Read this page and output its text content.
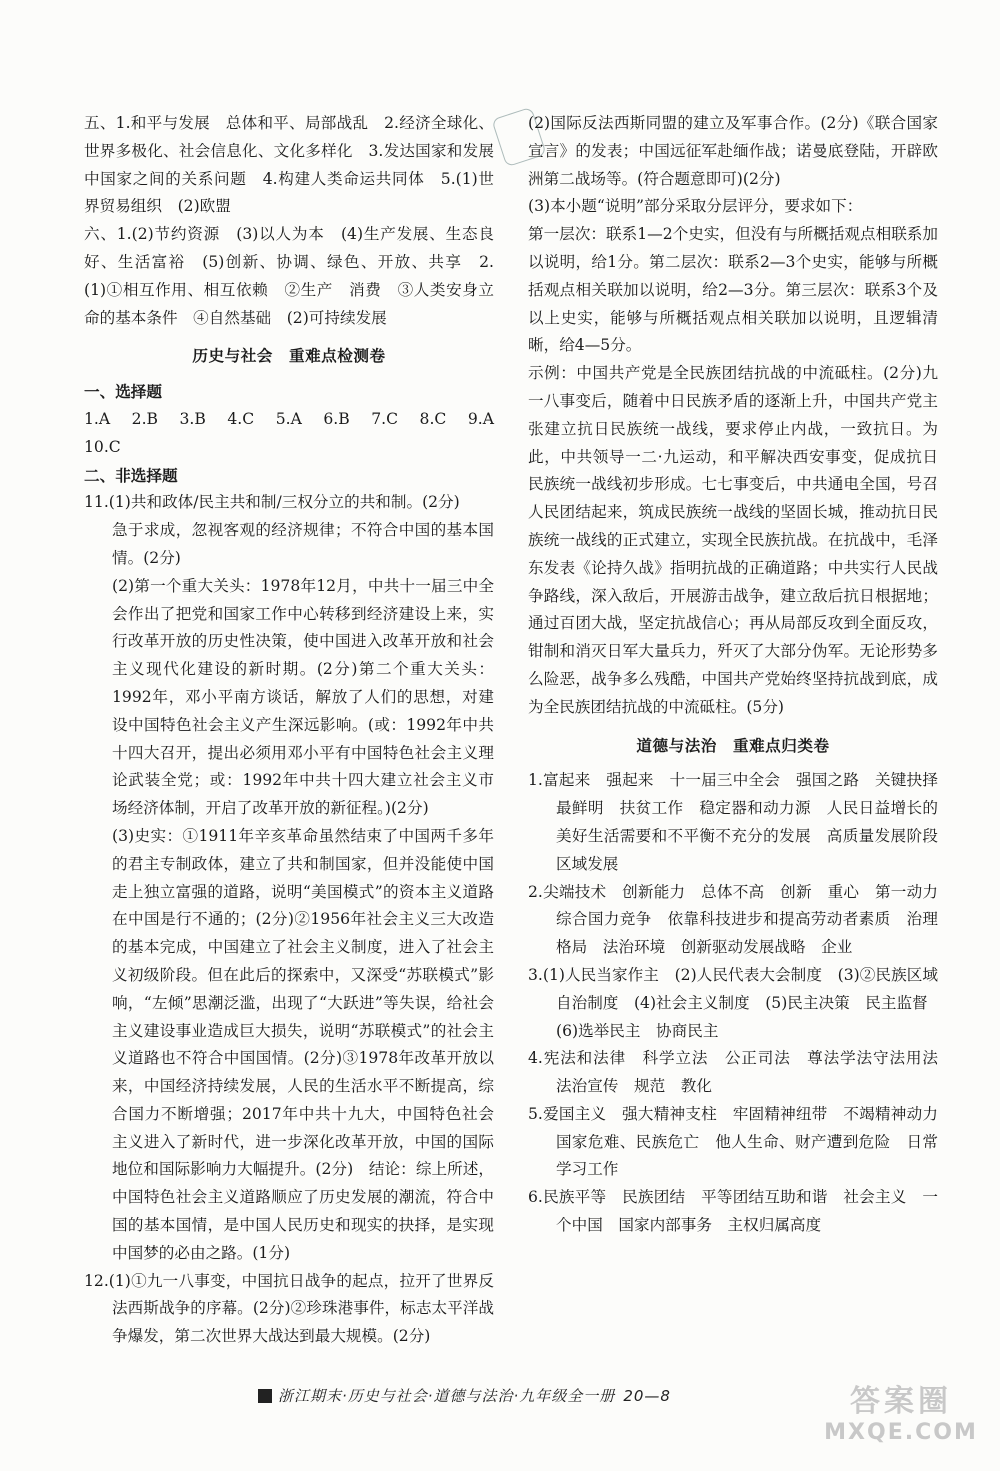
五、1.和平与发展　总体和平、局部战乱　2.经济全球化、世界多极化、社会信息化、文化多样化　3.发达国家和发展中国家之间的关系问题　4.构建人类命运共同体　5.(1)世界贸易组织　(2)欧盟

六、1.(2)节约资源　(3)以人为本　(4)生产发展、生态良好、生活富裕　(5)创新、协调、绿色、开放、共享　2.(1)①相互作用、相互依赖　②生产　消费　③人类安身立命的基本条件　④自然基础　(2)可持续发展

历史与社会　重难点检测卷

一、选择题

1.A　2.B　3.B　4.C　5.A　6.B　7.C　8.C　9.A　10.C

二、非选择题

11.(1)共和政体/民主共和制/三权分立的共和制。(2分)

急于求成，忽视客观的经济规律；不符合中国的基本国情。(2分)

(2)第一个重大关头：1978年12月，中共十一届三中全会作出了把党和国家工作中心转移到经济建设上来，实行改革开放的历史性决策，使中国进入改革开放和社会主义现代化建设的新时期。(2分)第二个重大关头：1992年，邓小平南方谈话，解放了人们的思想，对建设中国特色社会主义产生深远影响。(或：1992年中共十四大召开，提出必须用邓小平有中国特色社会主义理论武装全党；或：1992年中共十四大建立社会主义市场经济体制，开启了改革开放的新征程。)(2分)

(3)史实：①1911年辛亥革命虽然结束了中国两千多年的君主专制政体，建立了共和制国家，但并没能使中国走上独立富强的道路，说明“美国模式”的资本主义道路在中国是行不通的；(2分)②1956年社会主义三大改造的基本完成，中国建立了社会主义制度，进入了社会主义初级阶段。但在此后的探索中，又深受“苏联模式”影响，“左倾”思潮泛滥，出现了“大跃进”等失误，给社会主义建设事业造成巨大损失，说明“苏联模式”的社会主义道路也不符合中国国情。(2分)③1978年改革开放以来，中国经济持续发展，人民的生活水平不断提高，综合国力不断增强；2017年中共十九大，中国特色社会主义进入了新时代，进一步深化改革开放，中国的国际地位和国际影响力大幅提升。(2分)　结论：综上所述，中国特色社会主义道路顺应了历史发展的潮流，符合中国的基本国情，是中国人民历史和现实的抉择，是实现中国梦的必由之路。(1分)

12.(1)①九一八事变，中国抗日战争的起点，拉开了世界反法西斯战争的序幕。(2分)②珍珠港事件，标志太平洋战争爆发，第二次世界大战达到最大规模。(2分)

(2)国际反法西斯同盟的建立及军事合作。(2分)《联合国家宣言》的发表；中国远征军赴缅作战；诺曼底登陆，开辟欧洲第二战场等。(符合题意即可)(2分)

(3)本小题“说明”部分采取分层评分，要求如下：

第一层次：联系1—2个史实，但没有与所概括观点相联系加以说明，给1分。第二层次：联系2—3个史实，能够与所概括观点相关联加以说明，给2—3分。第三层次：联系3个及以上史实，能够与所概括观点相关联加以说明，且逻辑清晰，给4—5分。

示例：中国共产党是全民族团结抗战的中流砥柱。(2分)九一八事变后，随着中日民族矛盾的逐渐上升，中国共产党主张建立抗日民族统一战线，要求停止内战，一致抗日。为此，中共领导一二·九运动，和平解决西安事变，促成抗日民族统一战线初步形成。七七事变后，中共通电全国，号召人民团结起来，筑成民族统一战线的坚固长城，推动抗日民族统一战线的正式建立，实现全民族抗战。在抗战中，毛泽东发表《论持久战》指明抗战的正确道路；中共实行人民战争路线，深入敌后，开展游击战争，建立敌后抗日根据地；通过百团大战，坚定抗战信心；再从局部反攻到全面反攻，钳制和消灭日军大量兵力，歼灭了大部分伪军。无论形势多么险恶，战争多么残酷，中国共产党始终坚持抗战到底，成为全民族团结抗战的中流砥柱。(5分)

道德与法治　重难点归类卷

1.富起来　强起来　十一届三中全会　强国之路　关键抉择　最鲜明　扶贫工作　稳定器和动力源　人民日益增长的美好生活需要和不平衡不充分的发展　高质量发展阶段　区域发展

2.尖端技术　创新能力　总体不高　创新　重心　第一动力　综合国力竞争　依靠科技进步和提高劳动者素质　治理格局　法治环境　创新驱动发展战略　企业

3.(1)人民当家作主　(2)人民代表大会制度　(3)②民族区域自治制度　(4)社会主义制度　(5)民主决策　民主监督

(6)选举民主　协商民主

4.宪法和法律　科学立法　公正司法　尊法学法守法用法　法治宣传　规范　教化

5.爱国主义　强大精神支柱　牢固精神纽带　不竭精神动力　国家危难、民族危亡　他人生命、财产遭到危险　日常学习工作

6.民族平等　民族团结　平等团结互助和谐　社会主义　一个中国　国家内部事务　主权归属高度

浙江期末·历史与社会·道德与法治·九年级全一册 20—8	答案圈
MXQE.COM
